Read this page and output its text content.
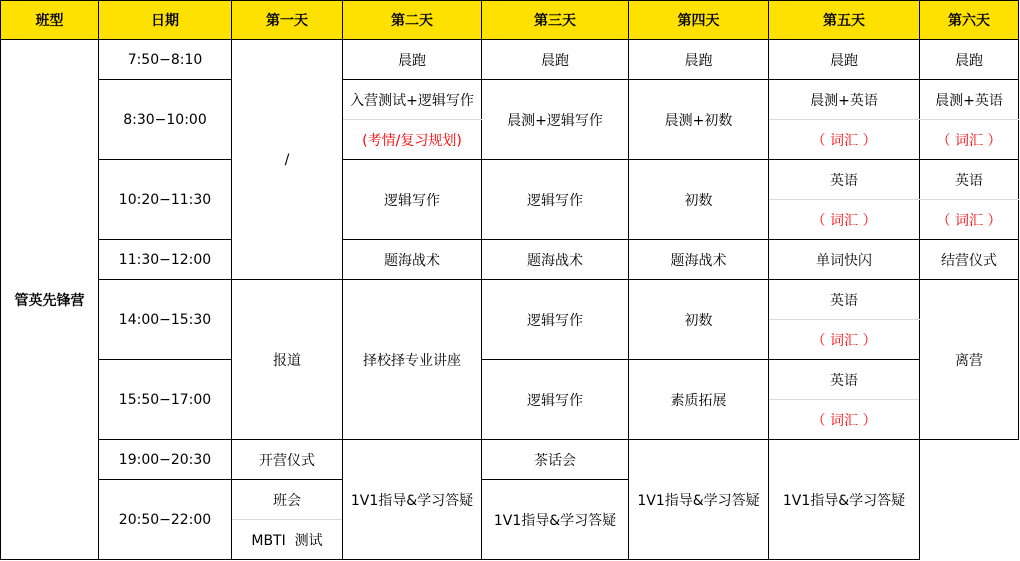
班型	日期	第一天	第二天	第三天	第四天	第五天	第六天
管英先锋营	7:50−8:10	/	晨跑	晨跑	晨跑	晨跑	晨跑
	8:30−10:00		入营测试+逻辑写作	晨测+逻辑写作	晨测+初数	晨测+英语	晨测+英语
			(考情/复习规划)			（ 词汇 ）	（ 词汇 ）
	10:20−11:30		逻辑写作	逻辑写作	初数	英语	英语
						（ 词汇 ）	（ 词汇 ）
	11:30−12:00		题海战术	题海战术	题海战术	单词快闪	结营仪式
	14:00−15:30	报道	择校择专业讲座	逻辑写作	初数	英语	离营
						（ 词汇 ）	
	15:50−17:00			逻辑写作	素质拓展	英语	
						（ 词汇 ）	
	19:00−20:30	开营仪式	1V1指导&学习答疑	茶话会	1V1指导&学习答疑	1V1指导&学习答疑	
	20:50−22:00	班会		1V1指导&学习答疑			
		MBTI  测试					
